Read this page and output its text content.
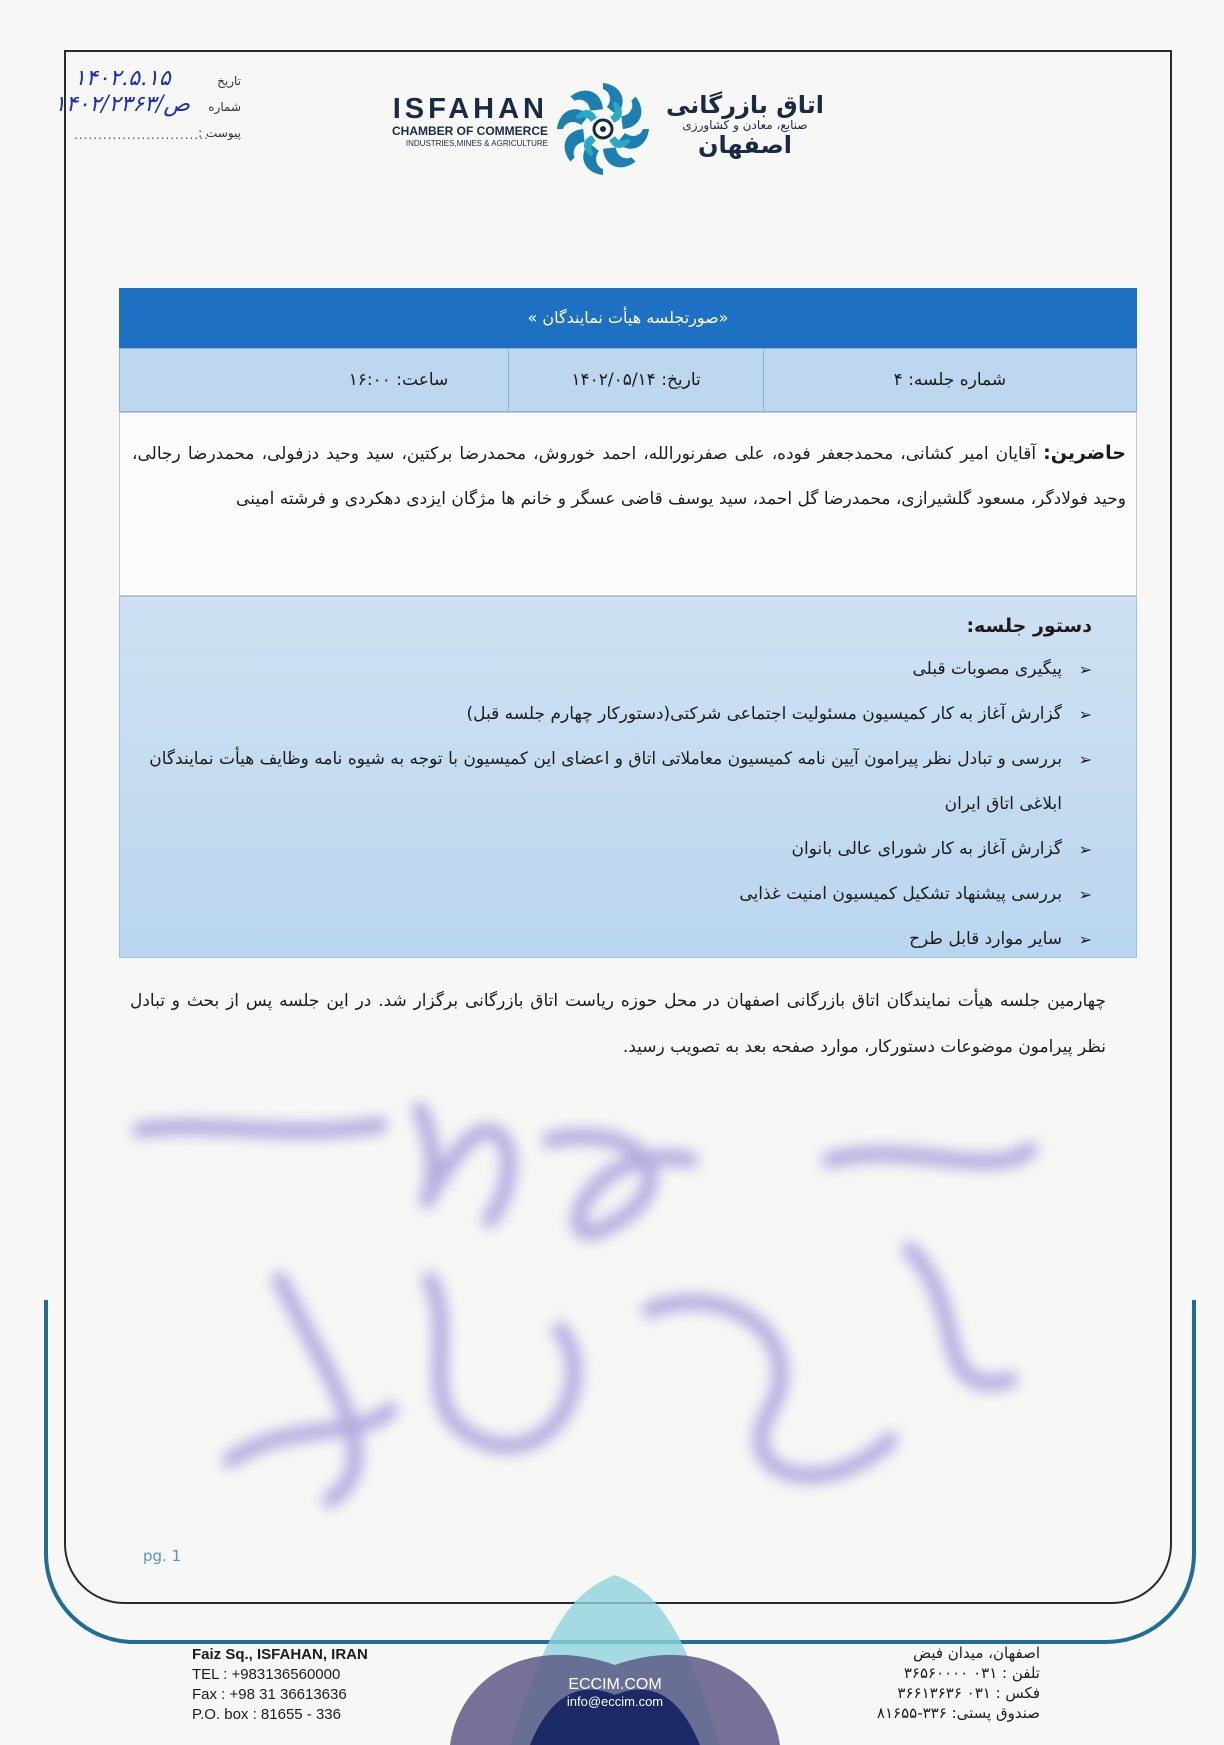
تاریخ
۱۴۰۲.۵.۱۵
شماره
۱۴۰۲/ص/۲۳۶۳
پیوست :
............................
ISFAHAN
CHAMBER OF COMMERCE
INDUSTRIES,MINES & AGRICULTURE
اتاق بازرگانی
صنایع، معادن و کشاورزی
اصفهان
«صورتجلسه هیأت نمایندگان »
شماره جلسه: ۴
تاریخ: ۱۴۰۲/۰۵/۱۴
ساعت: ۱۶:۰۰
حاضرین: آقایان امیر کشانی، محمدجعفر فوده، علی صفرنورالله، احمد خوروش، محمدرضا برکتین، سید وحید دزفولی، محمدرضا رجالی، وحید فولادگر، مسعود گلشیرازی، محمدرضا گل احمد، سید یوسف قاضی عسگر و خانم ها مژگان ایزدی دهکردی و فرشته امینی
دستور جلسه:
➢
پیگیری مصوبات قبلی
➢
گزارش آغاز به کار کمیسیون مسئولیت اجتماعی شرکتی(دستورکار چهارم جلسه قبل)
➢
بررسی و تبادل نظر پیرامون آیین نامه کمیسیون معاملاتی اتاق و اعضای این کمیسیون با توجه به شیوه نامه وظایف هیأت نمایندگان ابلاغی اتاق ایران
➢
گزارش آغاز به کار شورای عالی بانوان
➢
بررسی پیشنهاد تشکیل کمیسیون امنیت غذایی
➢
سایر موارد قابل طرح
چهارمین جلسه هیأت نمایندگان اتاق بازرگانی اصفهان در محل حوزه ریاست اتاق بازرگانی برگزار شد. در این جلسه پس از بحث و تبادل نظر پیرامون موضوعات دستورکار، موارد صفحه بعد به تصویب رسید.
pg. 1
ECCIM.COM
info@eccim.com
Faiz Sq., ISFAHAN, IRAN
TEL : +983136560000
Fax : +98 31 36613636
P.O. box : 81655 - 336
اصفهان، میدان فیض
تلفن : ۰۳۱ ۳۶۵۶۰۰۰۰
فکس : ۰۳۱ ۳۶۶۱۳۶۳۶
صندوق پستی: ۳۳۶-۸۱۶۵۵
